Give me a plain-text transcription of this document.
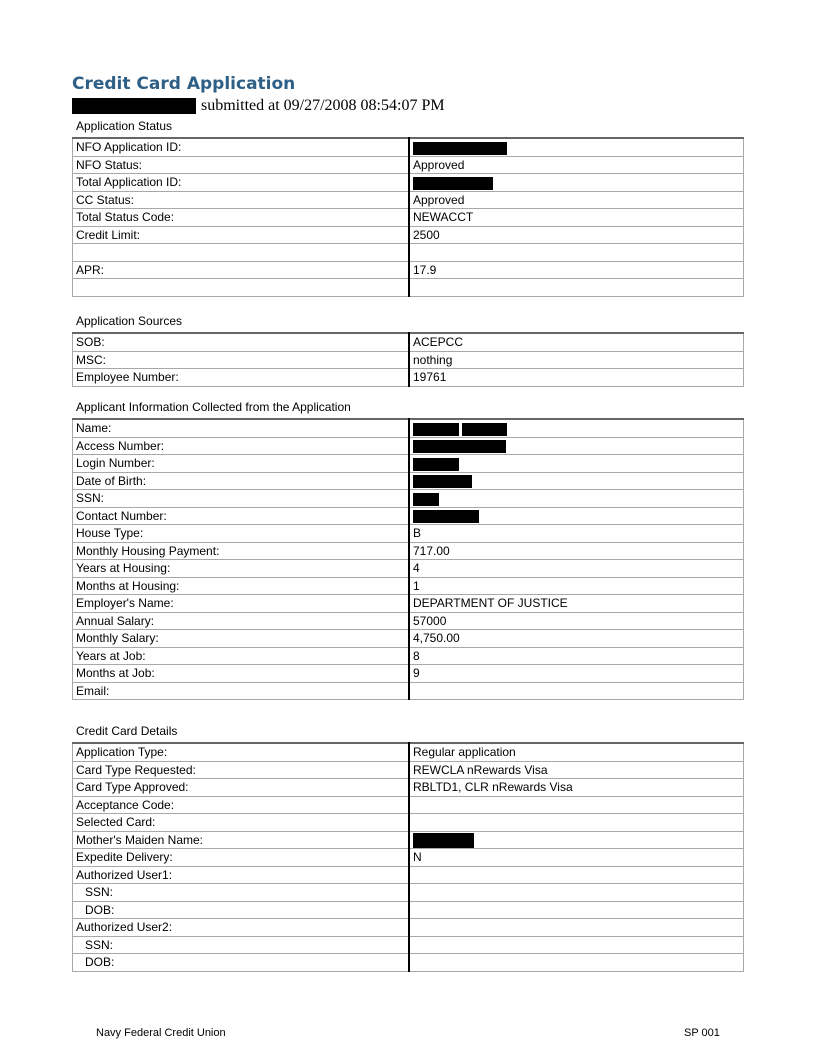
Credit Card Application
submitted at 09/27/2008 08:54:07 PM
Application Status
NFO Application ID:	
NFO Status:	Approved
Total Application ID:	
CC Status:	Approved
Total Status Code:	NEWACCT
Credit Limit:	2500

APR:	17.9

Application Sources
SOB:	ACEPCC
MSC:	nothing
Employee Number:	19761
Applicant Information Collected from the Application
Name:	
Access Number:	
Login Number:	
Date of Birth:	
SSN:	
Contact Number:	
House Type:	B
Monthly Housing Payment:	717.00
Years at Housing:	4
Months at Housing:	1
Employer's Name:	DEPARTMENT OF JUSTICE
Annual Salary:	57000
Monthly Salary:	4,750.00
Years at Job:	8
Months at Job:	9
Email:	
Credit Card Details
Application Type:	Regular application
Card Type Requested:	REWCLA nRewards Visa
Card Type Approved:	RBLTD1, CLR nRewards Visa
Acceptance Code:	
Selected Card:	
Mother's Maiden Name:	
Expedite Delivery:	N
Authorized User1:	
SSN:	
DOB:	
Authorized User2:	
SSN:	
DOB:	
Navy Federal Credit Union	SP 001
